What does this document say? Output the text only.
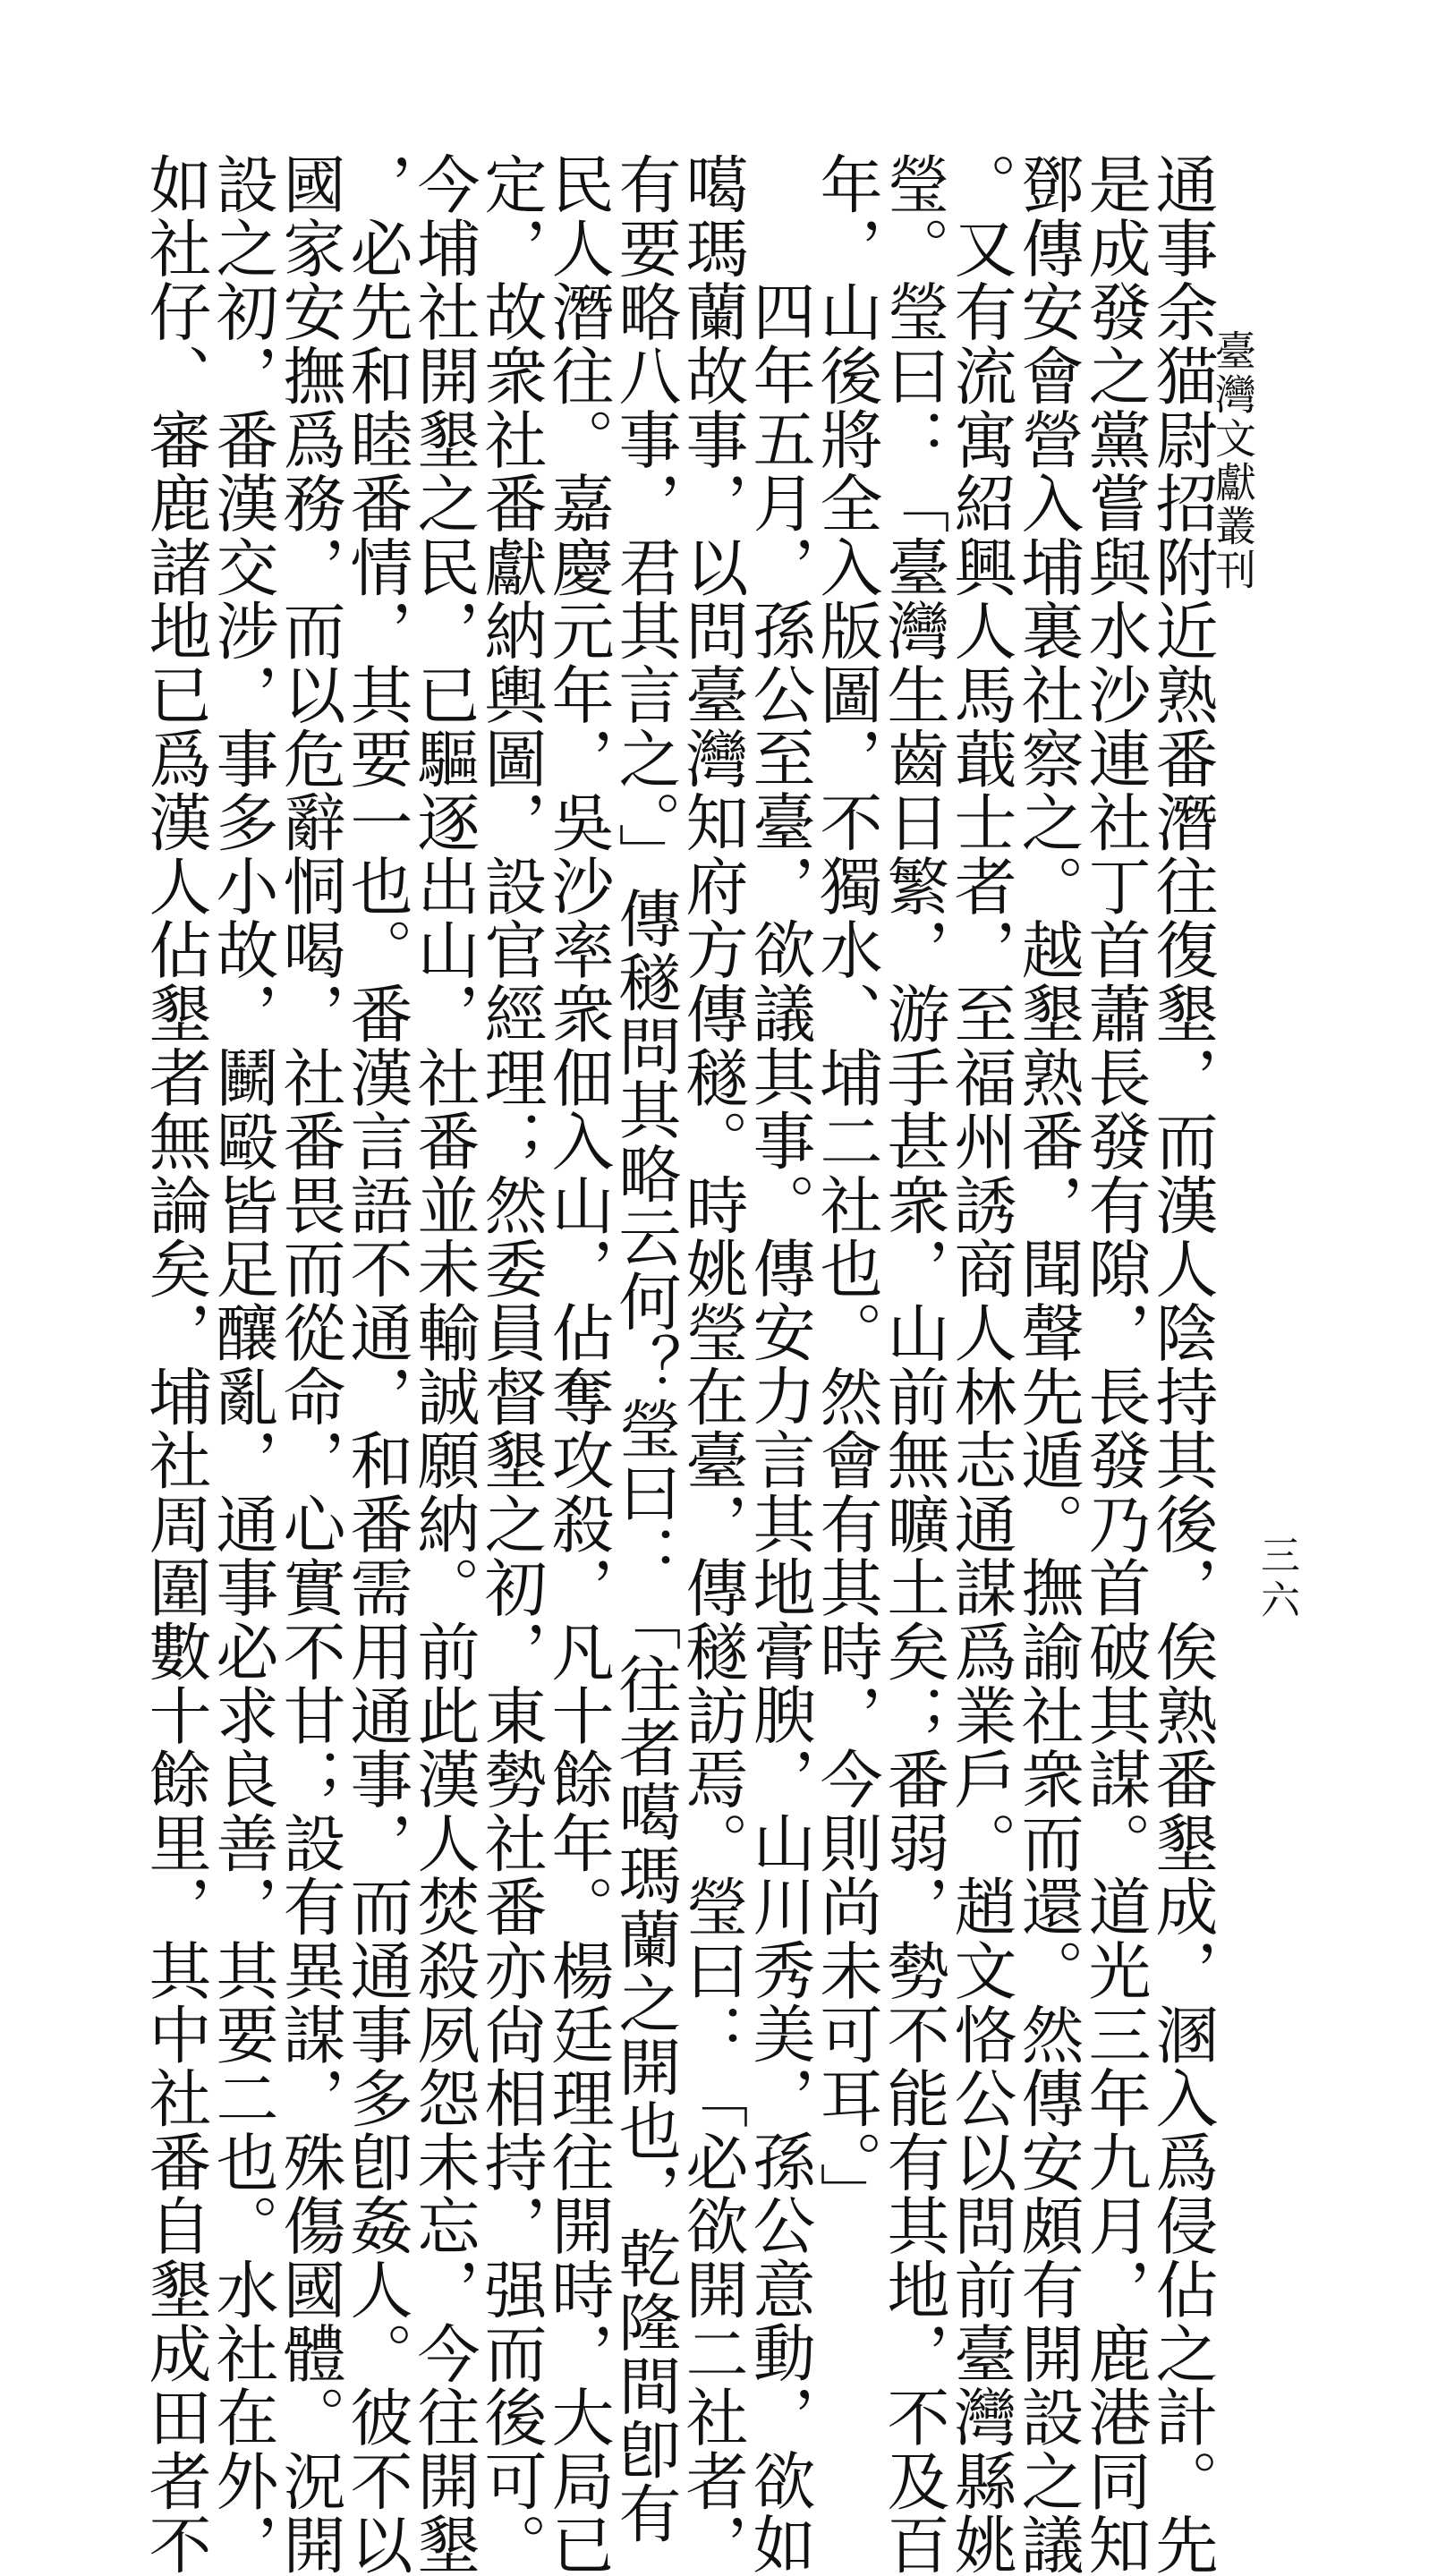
臺灣文獻叢刊
三六
通事余猫尉招附近熟番潛往復墾，而漢人陰持其後，俟熟番墾成，溷入爲侵佔之計。先
是成發之黨嘗與水沙連社丁首蕭長發有隙，長發乃首破其謀。道光三年九月，鹿港同知
鄧傳安會營入埔裏社察之。越墾熟番，聞聲先遁。撫諭社衆而還。然傳安頗有開設之議
。又有流寓紹興人馬蕺士者，至福州誘商人林志通謀爲業戶。趙文恪公以問前臺灣縣姚
瑩。瑩曰：「臺灣生齒日繁，游手甚衆，山前無曠土矣；番弱，勢不能有其地，不及百
年，山後將全入版圖，不獨水、埔二社也。然會有其時，今則尚未可耳。」
四年五月，孫公至臺，欲議其事。傳安力言其地膏腴，山川秀美，孫公意動，欲如
噶瑪蘭故事，以問臺灣知府方傳穟。時姚瑩在臺，傳穟訪焉。瑩曰：「必欲開二社者，
有要略八事，君其言之。」傳穟問其略云何？瑩曰：「往者噶瑪蘭之開也，乾隆間卽有
民人潛往。嘉慶元年，吳沙率衆佃入山，佔奪攻殺，凡十餘年。楊廷理往開時，大局已
定，故衆社番獻納輿圖，設官經理；然委員督墾之初，東勢社番亦尙相持，强而後可。
今埔社開墾之民，已驅逐出山，社番並未輸誠願納。前此漢人焚殺夙怨未忘，今往開墾
，必先和睦番情，其要一也。番漢言語不通，和番需用通事，而通事多卽姦人。彼不以
國家安撫爲務，而以危辭恫喝，社番畏而從命，心實不甘；設有異謀，殊傷國體。況開
設之初，番漢交涉，事多小故，鬭毆皆足釀亂，通事必求良善，其要二也。水社在外，
如社仔、審鹿諸地已爲漢人佔墾者無論矣，埔社周圍數十餘里，其中社番自墾成田者不
